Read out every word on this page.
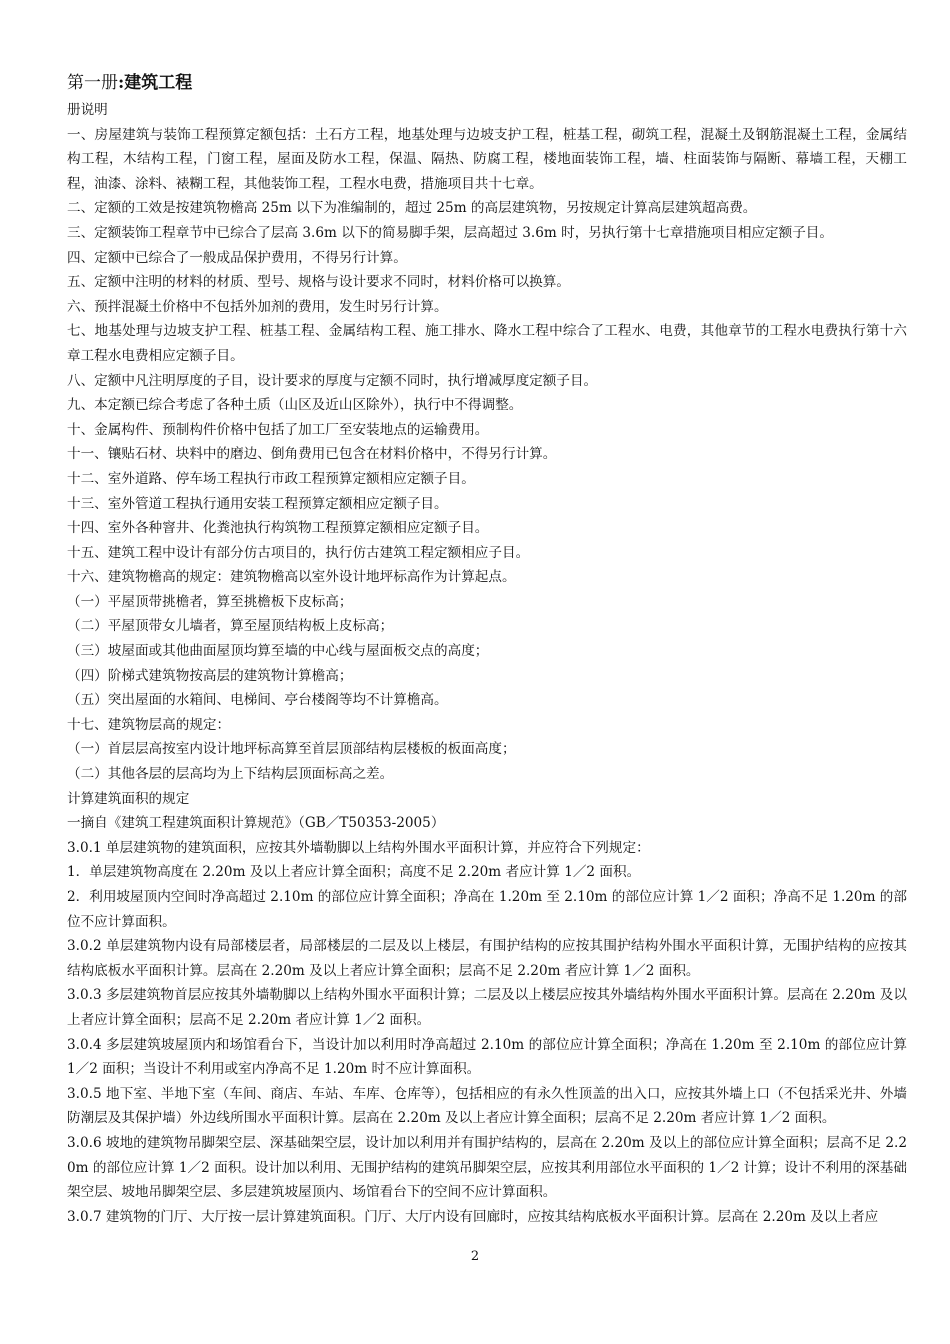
第一册:建筑工程

册说明

一、房屋建筑与装饰工程预算定额包括：土石方工程，地基处理与边坡支护工程，桩基工程，砌筑工程，混凝土及钢筋混凝土工程，金属结构工程，木结构工程，门窗工程，屋面及防水工程，保温、隔热、防腐工程，楼地面装饰工程，墙、柱面装饰与隔断、幕墙工程，天棚工程，油漆、涂料、裱糊工程，其他装饰工程，工程水电费，措施项目共十七章。

二、定额的工效是按建筑物檐高 25m 以下为准编制的，超过 25m 的高层建筑物，另按规定计算高层建筑超高费。

三、定额装饰工程章节中已综合了层高 3.6m 以下的简易脚手架，层高超过 3.6m 时，另执行第十七章措施项目相应定额子目。

四、定额中已综合了一般成品保护费用，不得另行计算。

五、定额中注明的材料的材质、型号、规格与设计要求不同时，材料价格可以换算。

六、预拌混凝土价格中不包括外加剂的费用，发生时另行计算。

七、地基处理与边坡支护工程、桩基工程、金属结构工程、施工排水、降水工程中综合了工程水、电费，其他章节的工程水电费执行第十六章工程水电费相应定额子目。

八、定额中凡注明厚度的子目，设计要求的厚度与定额不同时，执行增减厚度定额子目。

九、本定额已综合考虑了各种土质（山区及近山区除外），执行中不得调整。

十、金属构件、预制构件价格中包括了加工厂至安装地点的运输费用。

十一、镶贴石材、块料中的磨边、倒角费用已包含在材料价格中，不得另行计算。

十二、室外道路、停车场工程执行市政工程预算定额相应定额子目。

十三、室外管道工程执行通用安装工程预算定额相应定额子目。

十四、室外各种窨井、化粪池执行构筑物工程预算定额相应定额子目。

十五、建筑工程中设计有部分仿古项目的，执行仿古建筑工程定额相应子目。

十六、建筑物檐高的规定：建筑物檐高以室外设计地坪标高作为计算起点。

（一）平屋顶带挑檐者，算至挑檐板下皮标高；

（二）平屋顶带女儿墙者，算至屋顶结构板上皮标高；

（三）坡屋面或其他曲面屋顶均算至墙的中心线与屋面板交点的高度；

（四）阶梯式建筑物按高层的建筑物计算檐高；

（五）突出屋面的水箱间、电梯间、亭台楼阁等均不计算檐高。

十七、建筑物层高的规定：

（一）首层层高按室内设计地坪标高算至首层顶部结构层楼板的板面高度；

（二）其他各层的层高均为上下结构层顶面标高之差。

计算建筑面积的规定

一摘自《建筑工程建筑面积计算规范》（GB／T50353-2005）

3.0.1 单层建筑物的建筑面积，应按其外墙勒脚以上结构外围水平面积计算，并应符合下列规定：

1．单层建筑物高度在 2.20m 及以上者应计算全面积；高度不足 2.20m 者应计算 1／2 面积。

2．利用坡屋顶内空间时净高超过 2.10m 的部位应计算全面积；净高在 1.20m 至 2.10m 的部位应计算 1／2 面积；净高不足 1.20m 的部位不应计算面积。

3.0.2 单层建筑物内设有局部楼层者，局部楼层的二层及以上楼层，有围护结构的应按其围护结构外围水平面积计算，无围护结构的应按其结构底板水平面积计算。层高在 2.20m 及以上者应计算全面积；层高不足 2.20m 者应计算 1／2 面积。

3.0.3 多层建筑物首层应按其外墙勒脚以上结构外围水平面积计算；二层及以上楼层应按其外墙结构外围水平面积计算。层高在 2.20m 及以上者应计算全面积；层高不足 2.20m 者应计算 1／2 面积。

3.0.4 多层建筑坡屋顶内和场馆看台下，当设计加以利用时净高超过 2.10m 的部位应计算全面积；净高在 1.20m 至 2.10m 的部位应计算 1／2 面积；当设计不利用或室内净高不足 1.20m 时不应计算面积。

3.0.5 地下室、半地下室（车间、商店、车站、车库、仓库等），包括相应的有永久性顶盖的出入口，应按其外墙上口（不包括采光井、外墙防潮层及其保护墙）外边线所围水平面积计算。层高在 2.20m 及以上者应计算全面积；层高不足 2.20m 者应计算 1／2 面积。

3.0.6 坡地的建筑物吊脚架空层、深基础架空层，设计加以利用并有围护结构的，层高在 2.20m 及以上的部位应计算全面积；层高不足 2.20m 的部位应计算 1／2 面积。设计加以利用、无围护结构的建筑吊脚架空层，应按其利用部位水平面积的 1／2 计算；设计不利用的深基础架空层、坡地吊脚架空层、多层建筑坡屋顶内、场馆看台下的空间不应计算面积。

3.0.7 建筑物的门厅、大厅按一层计算建筑面积。门厅、大厅内设有回廊时，应按其结构底板水平面积计算。层高在 2.20m 及以上者应

2
